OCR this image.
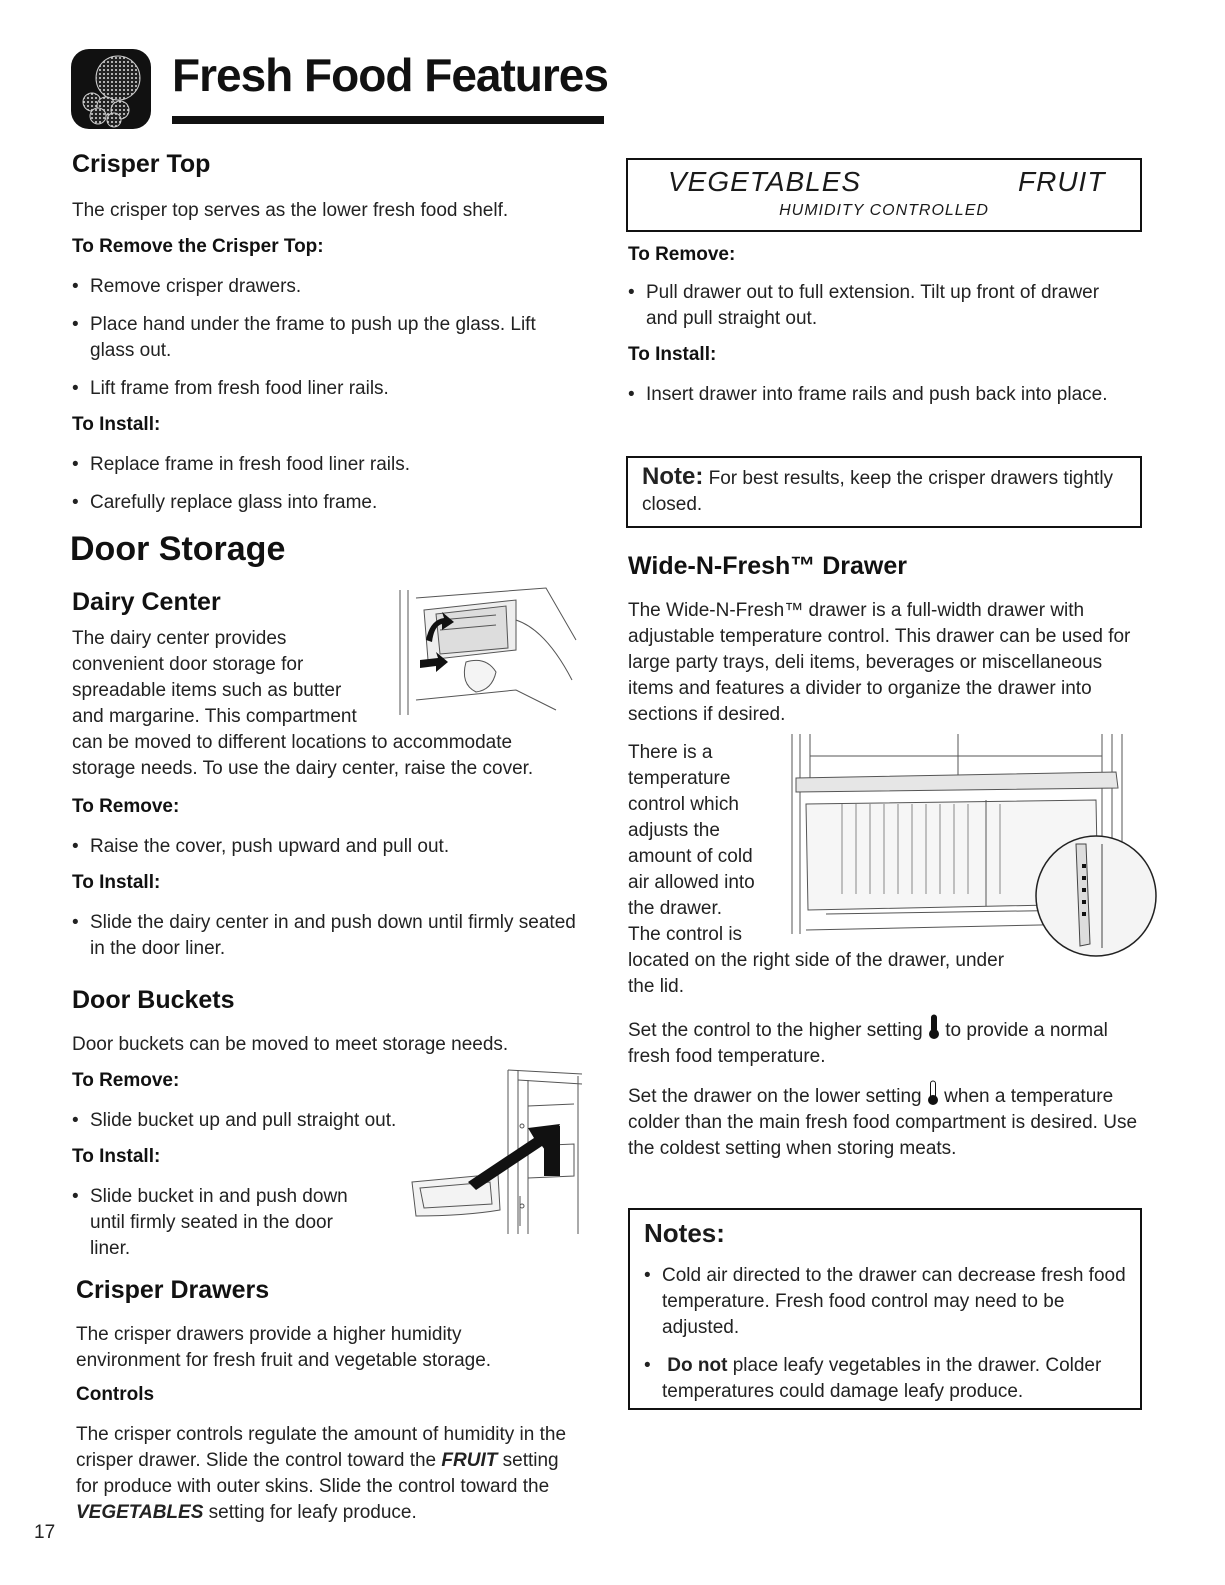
Fresh Food Features
Crisper Top
The crisper top serves as the lower fresh food shelf.
To Remove the Crisper Top:
• Remove crisper drawers.
• Place hand under the frame to push up the glass. Lift glass out.
• Lift frame from fresh food liner rails.
To Install:
• Replace frame in fresh food liner rails.
• Carefully replace glass into frame.
Door Storage
Dairy Center
The dairy center provides
convenient door storage for
spreadable items such as butter
and margarine. This compartment
can be moved to different locations to accommodate
storage needs. To use the dairy center, raise the cover.
To Remove:
• Raise the cover, push upward and pull out.
To Install:
• Slide the dairy center in and push down until firmly seated in the door liner.
Door Buckets
Door buckets can be moved to meet storage needs.
To Remove:
• Slide bucket up and pull straight out.
To Install:
• Slide bucket in and push down
until firmly seated in the door
liner.
Crisper Drawers
The crisper drawers provide a higher humidity environment for fresh fruit and vegetable storage.
Controls
The crisper controls regulate the amount of humidity in the crisper drawer. Slide the control toward the FRUIT setting for produce with outer skins. Slide the control toward the VEGETABLES setting for leafy produce.
17
VEGETABLES	FRUIT
HUMIDITY CONTROLLED
To Remove:
• Pull drawer out to full extension. Tilt up front of drawer and pull straight out.
To Install:
• Insert drawer into frame rails and push back into place.
Note: For best results, keep the crisper drawers tightly closed.
Wide-N-Fresh™ Drawer
The Wide-N-Fresh™ drawer is a full-width drawer with adjustable temperature control. This drawer can be used for large party trays, deli items, beverages or miscellaneous items and features a divider to organize the drawer into sections if desired.
There is a
temperature
control which
adjusts the
amount of cold
air allowed into
the drawer.
The control is
located on the right side of the drawer, under
the lid.
Set the control to the higher setting to provide a normal fresh food temperature.
Set the drawer on the lower setting when a temperature colder than the main fresh food compartment is desired. Use the coldest setting when storing meats.
Notes:
• Cold air directed to the drawer can decrease fresh food temperature. Fresh food control may need to be adjusted.
• Do not place leafy vegetables in the drawer. Colder temperatures could damage leafy produce.
